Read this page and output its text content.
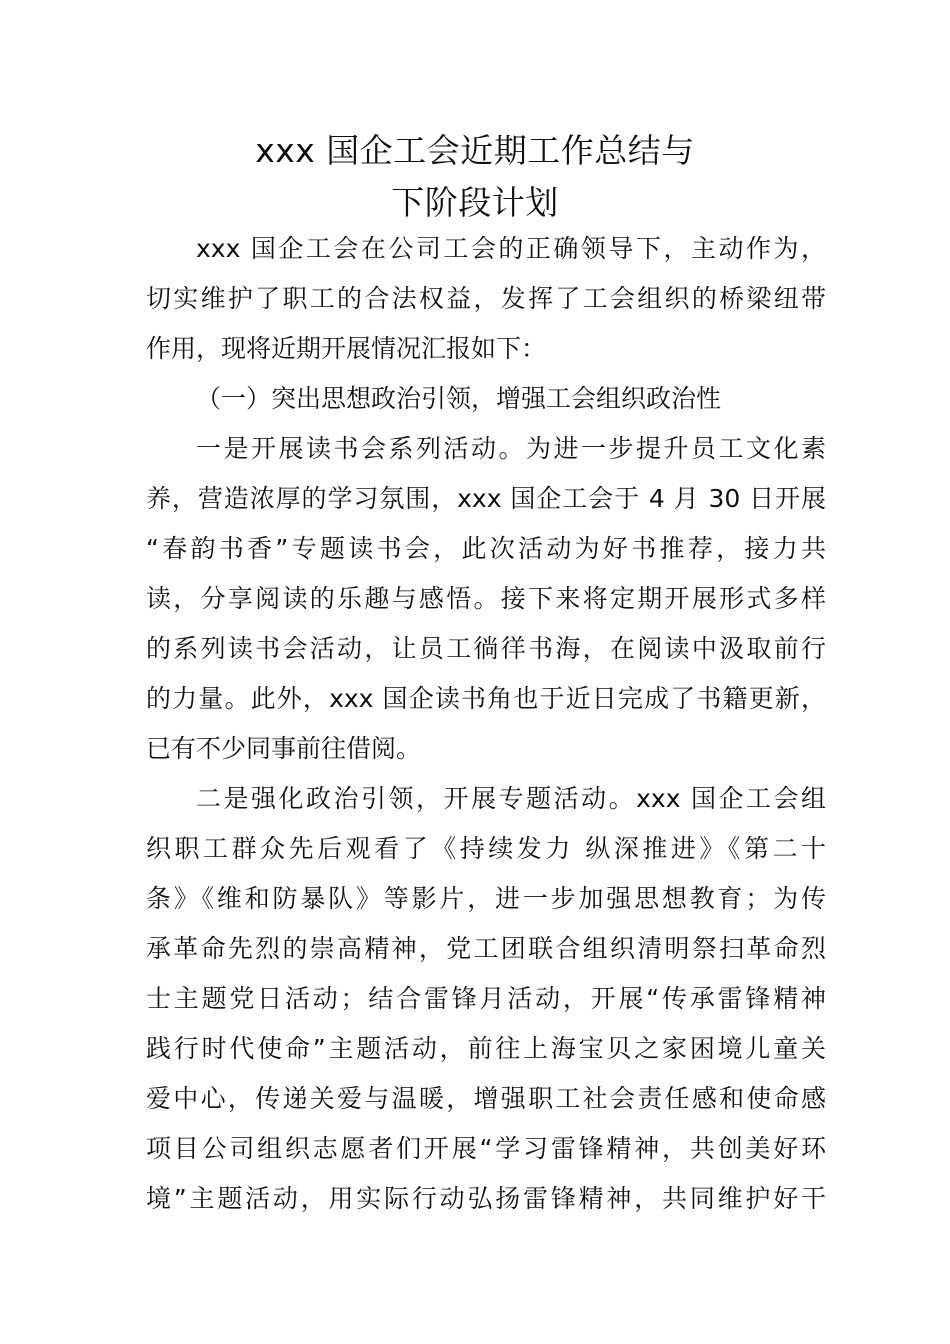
xxx 国企工会近期工作总结与
下阶段计划
xxx 国企工会在公司工会的正确领导下，主动作为，
切实维护了职工的合法权益，发挥了工会组织的桥梁纽带
作用，现将近期开展情况汇报如下：
（一）突出思想政治引领，增强工会组织政治性
一是开展读书会系列活动。为进一步提升员工文化素
养，营造浓厚的学习氛围，xxx 国企工会于 4 月 30 日开展
“春韵书香”专题读书会，此次活动为好书推荐，接力共
读，分享阅读的乐趣与感悟。接下来将定期开展形式多样
的系列读书会活动，让员工徜徉书海，在阅读中汲取前行
的力量。此外，xxx 国企读书角也于近日完成了书籍更新，
已有不少同事前往借阅。
二是强化政治引领，开展专题活动。xxx 国企工会组
织职工群众先后观看了《持续发力 纵深推进》《第二十
条》《维和防暴队》等影片，进一步加强思想教育；为传
承革命先烈的崇高精神，党工团联合组织清明祭扫革命烈
士主题党日活动；结合雷锋月活动，开展“传承雷锋精神
践行时代使命”主题活动，前往上海宝贝之家困境儿童关
爱中心，传递关爱与温暖，增强职工社会责任感和使命感
项目公司组织志愿者们开展“学习雷锋精神，共创美好环
境”主题活动，用实际行动弘扬雷锋精神，共同维护好干
